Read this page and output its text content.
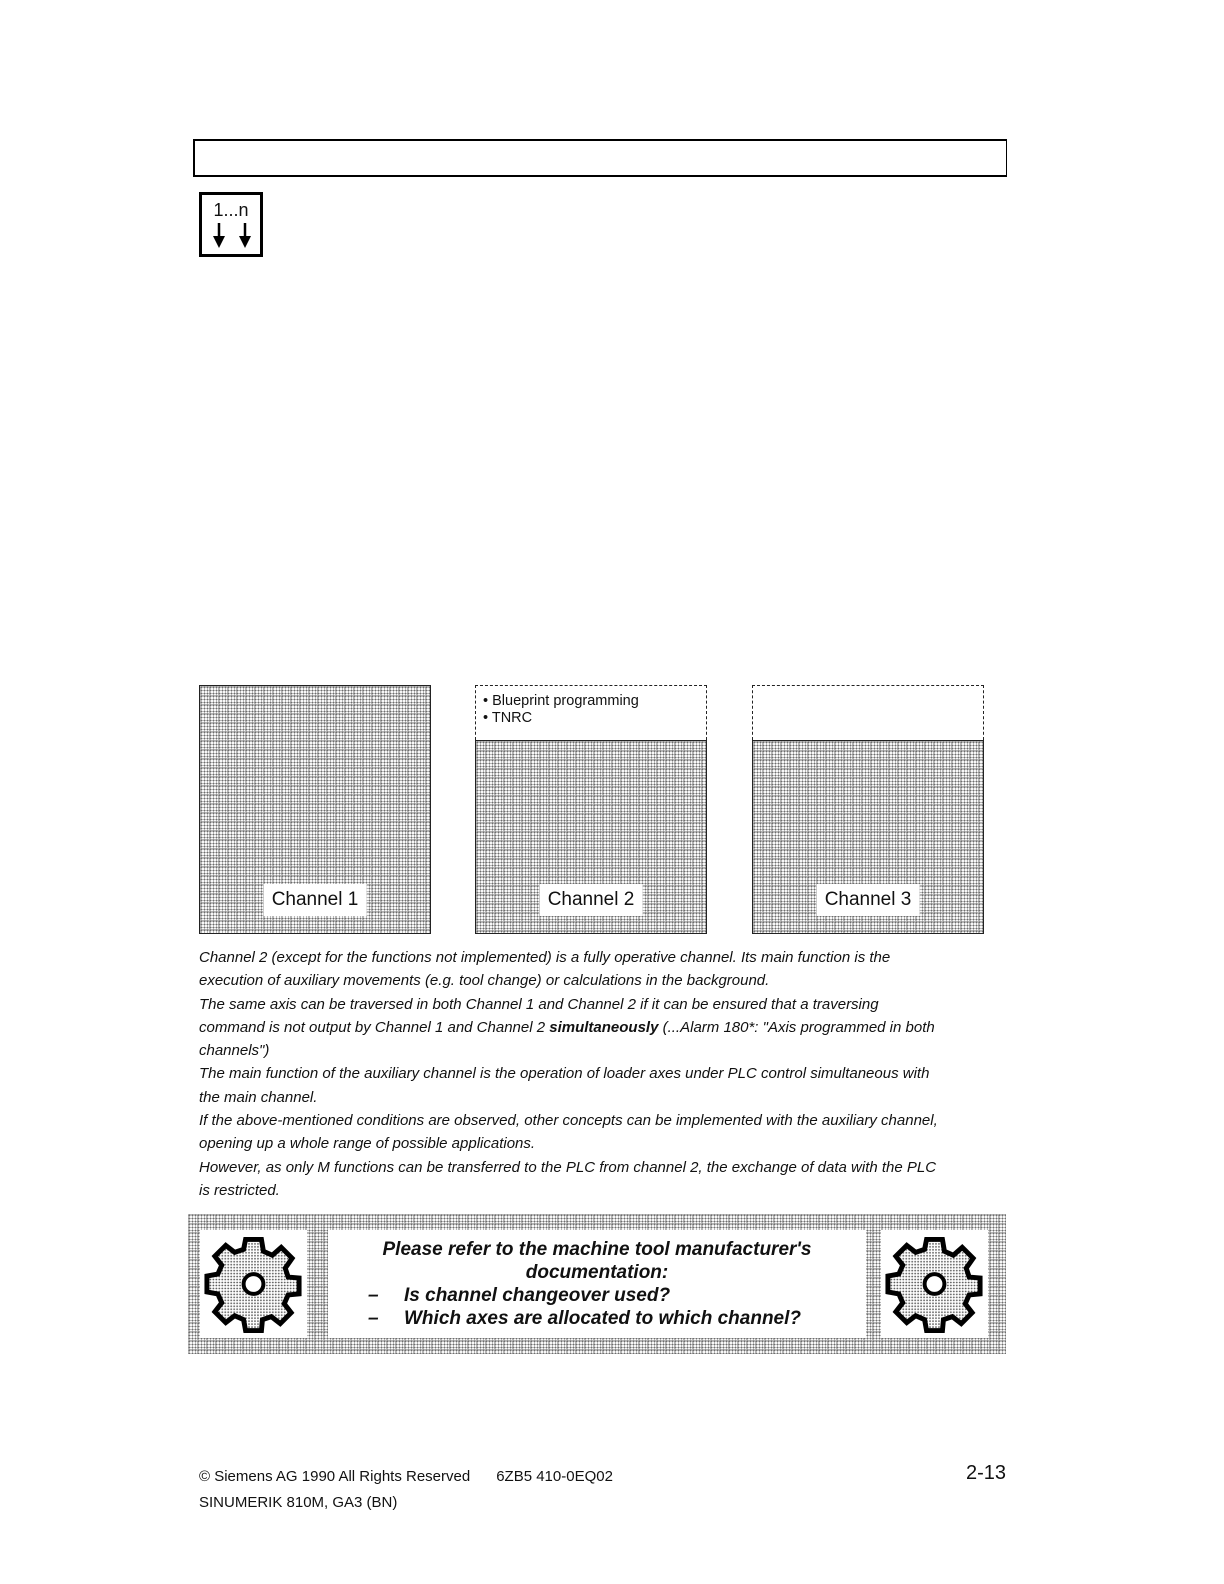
1...n
Channel 1
• Blueprint programming
• TNRC
Channel 2	Channel 3

Channel 2 (except for the functions not implemented) is a fully operative channel. Its main function is the execution of auxiliary movements (e.g. tool change) or calculations in the background.

The same axis can be traversed in both Channel 1 and Channel 2 if it can be ensured that a traversing command is not output by Channel 1 and Channel 2 simultaneously (...Alarm 180*: "Axis programmed in both channels")

The main function of the auxiliary channel is the operation of loader axes under PLC control simultaneous with the main channel.

If the above-mentioned conditions are observed, other concepts can be implemented with the auxiliary channel, opening up a whole range of possible applications.

However, as only M functions can be transferred to the PLC from channel 2, the exchange of data with the PLC is restricted.

Please refer to the machine tool manufacturer's
documentation:
– Is channel changeover used?
– Which axes are allocated to which channel?
© Siemens AG 1990 All Rights Reserved 6ZB5 410-0EQ02
SINUMERIK 810M, GA3 (BN)
2-13
